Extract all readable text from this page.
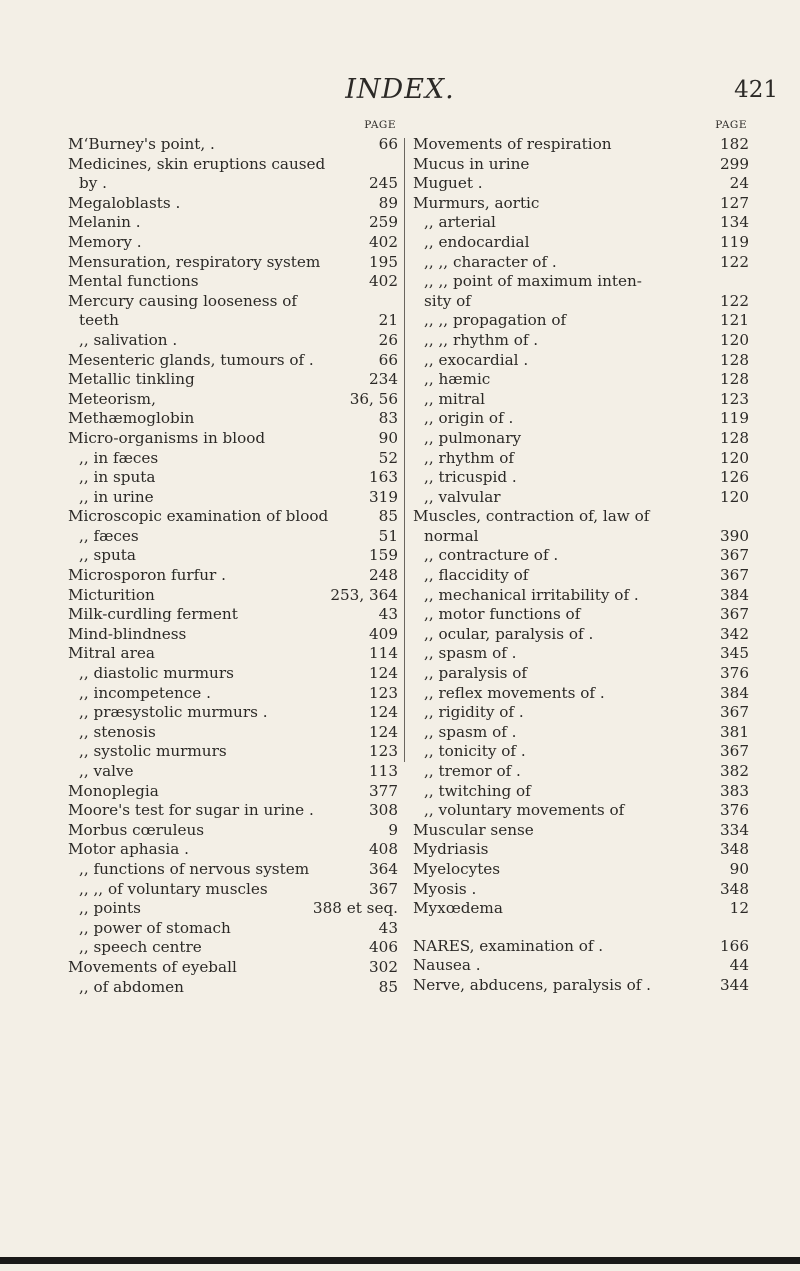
INDEX.	421
PAGE
M‘Burney's point, .	66
Medicines, skin eruptions caused
by .	245
Megaloblasts .	89
Melanin .	259
Memory .	402
Mensuration, respiratory system	195
Mental functions	402
Mercury causing looseness of
teeth	21
,, salivation .	26
Mesenteric glands, tumours of .	66
Metallic tinkling	234
Meteorism,	36, 56
Methæmoglobin	83
Micro-organisms in blood	90
,, in fæces	52
,, in sputa	163
,, in urine	319
Microscopic examination of blood	85
,, fæces	51
,, sputa	159
Microsporon furfur .	248
Micturition	253, 364
Milk-curdling ferment	43
Mind-blindness	409
Mitral area	114
,, diastolic murmurs	124
,, incompetence .	123
,, præsystolic murmurs .	124
,, stenosis	124
,, systolic murmurs	123
,, valve	113
Monoplegia	377
Moore's test for sugar in urine .	308
Morbus cœruleus	9
Motor aphasia .	408
,, functions of nervous system	364
,, ,, of voluntary muscles	367
,, points	388 et seq.
,, power of stomach	43
,, speech centre	406
Movements of eyeball	302
,, of abdomen	85
PAGE
Movements of respiration	182
Mucus in urine	299
Muguet .	24
Murmurs, aortic	127
,, arterial	134
,, endocardial	119
,, ,, character of .	122
,, ,, point of maximum inten-
sity of	122
,, ,, propagation of	121
,, ,, rhythm of .	120
,, exocardial .	128
,, hæmic	128
,, mitral	123
,, origin of .	119
,, pulmonary	128
,, rhythm of	120
,, tricuspid .	126
,, valvular	120
Muscles, contraction of, law of
normal	390
,, contracture of .	367
,, flaccidity of	367
,, mechanical irritability of .	384
,, motor functions of	367
,, ocular, paralysis of .	342
,, spasm of .	345
,, paralysis of	376
,, reflex movements of .	384
,, rigidity of .	367
,, spasm of .	381
,, tonicity of .	367
,, tremor of .	382
,, twitching of	383
,, voluntary movements of	376
Muscular sense	334
Mydriasis	348
Myelocytes	90
Myosis .	348
Myxœdema	12
NARES, examination of .	166
Nausea .	44
Nerve, abducens, paralysis of .	344
